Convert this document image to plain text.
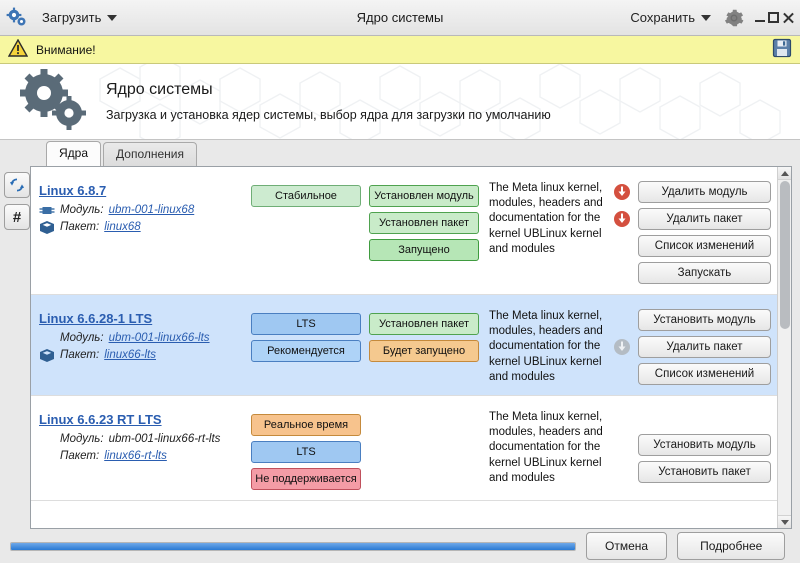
Загрузить	Ядро системы	Сохранить
Внимание!
Ядро системы
Загрузка и установка ядер системы, выбор ядра для загрузки по умолчанию
Ядра	Дополнения
#
Linux 6.8.7
Модуль: ubm-001-linux68
Пакет: linux68
Стабильное	Установлен модуль
Установлен пакет
Запущено
The Meta linux kernel, modules, headers and documentation for the kernel UBLinux kernel and modules
Удалить модуль
Удалить пакет
Список изменений
Запускать
Linux 6.6.28-1 LTS
Модуль: ubm-001-linux66-lts
Пакет: linux66-lts
LTS
Рекомендуется
Установлен пакет
Будет запущено
The Meta linux kernel, modules, headers and documentation for the kernel UBLinux kernel and modules
Установить модуль
Удалить пакет
Список изменений
Linux 6.6.23 RT LTS
Модуль: ubm-001-linux66-rt-lts
Пакет: linux66-rt-lts
Реальное время
LTS
Не поддерживается
The Meta linux kernel, modules, headers and documentation for the kernel UBLinux kernel and modules
Установить модуль
Установить пакет
Отмена	Подробнее
